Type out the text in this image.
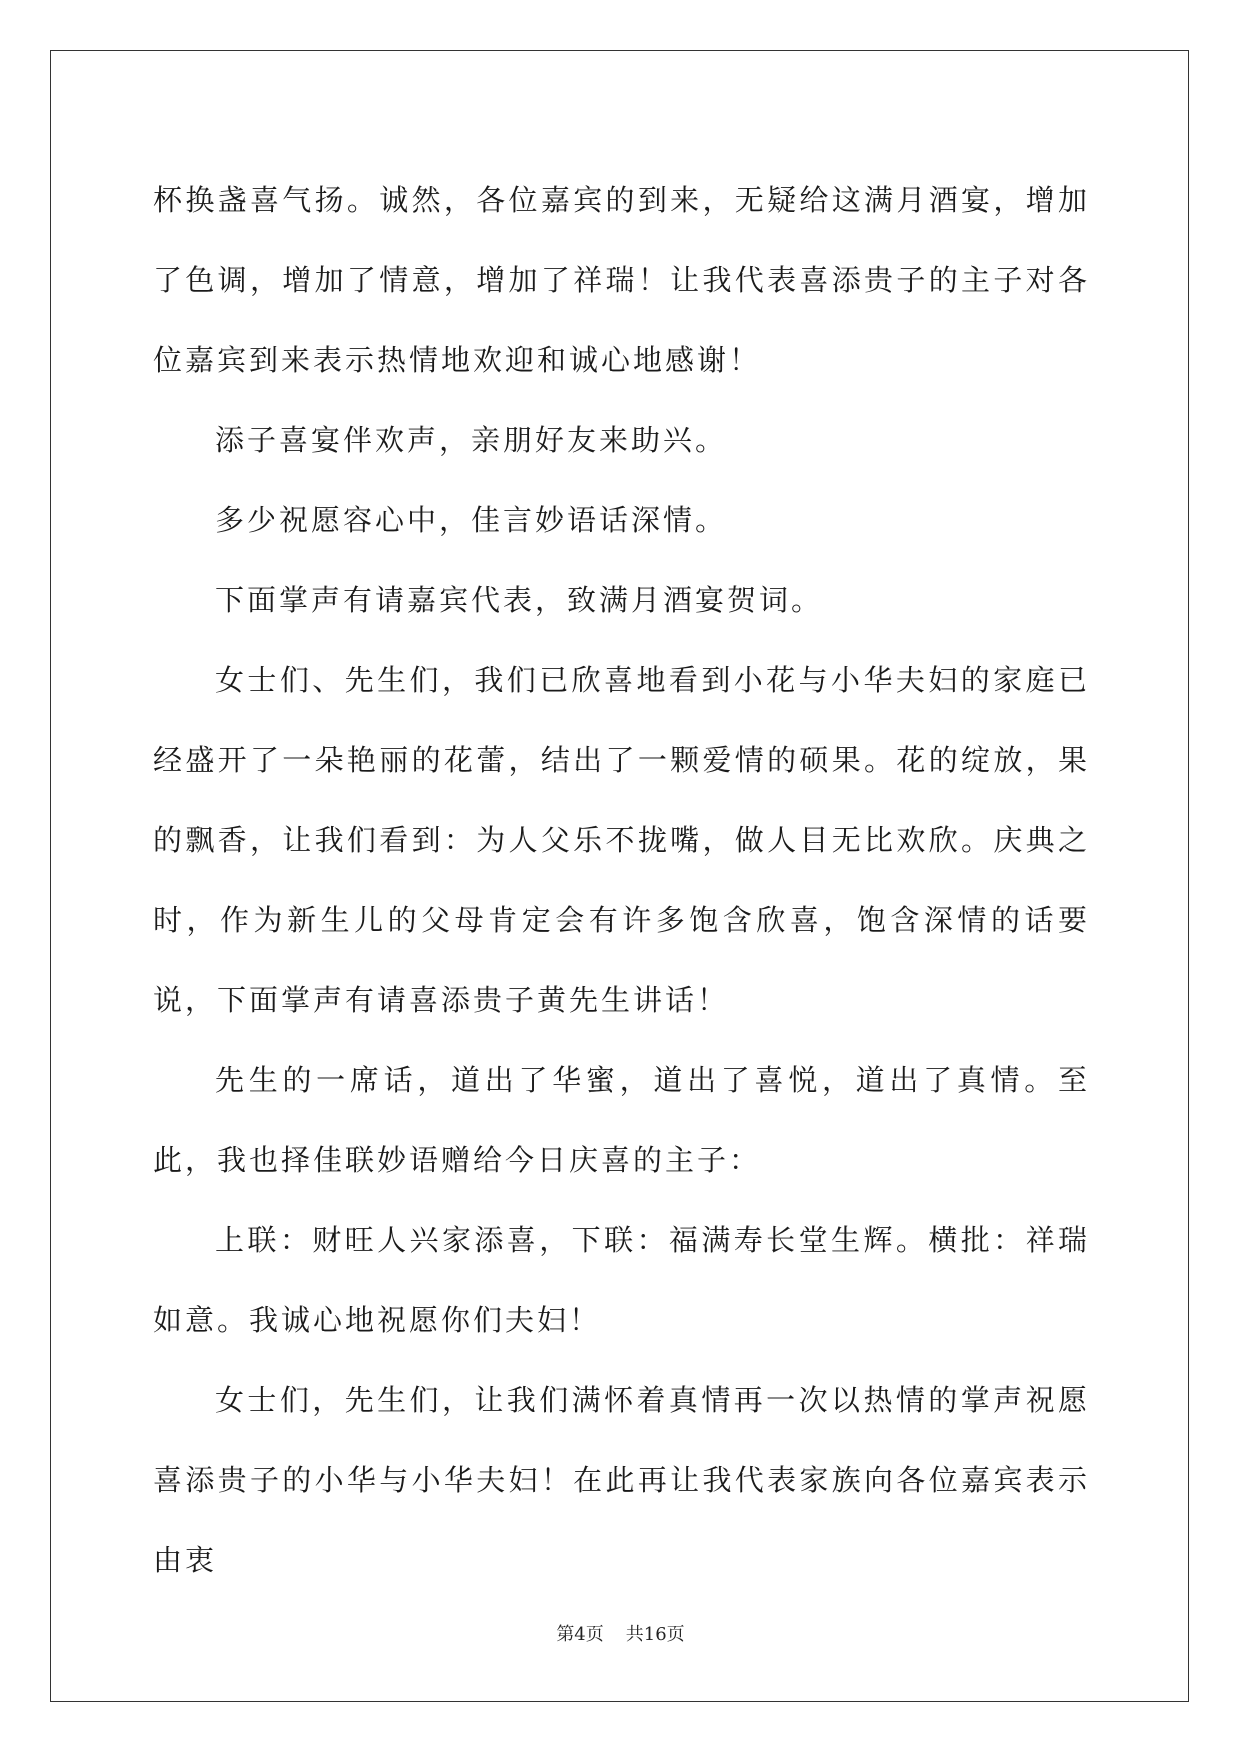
杯换盏喜气扬。诚然，各位嘉宾的到来，无疑给这满月酒宴，增加了色调，增加了情意，增加了祥瑞！让我代表喜添贵子的主子对各位嘉宾到来表示热情地欢迎和诚心地感谢！

添子喜宴伴欢声，亲朋好友来助兴。

多少祝愿容心中，佳言妙语话深情。

下面掌声有请嘉宾代表，致满月酒宴贺词。

女士们、先生们，我们已欣喜地看到小花与小华夫妇的家庭已经盛开了一朵艳丽的花蕾，结出了一颗爱情的硕果。花的绽放，果的飘香，让我们看到：为人父乐不拢嘴，做人目无比欢欣。庆典之时，作为新生儿的父母肯定会有许多饱含欣喜，饱含深情的话要说，下面掌声有请喜添贵子黄先生讲话！

先生的一席话，道出了华蜜，道出了喜悦，道出了真情。至此，我也择佳联妙语赠给今日庆喜的主子：

上联：财旺人兴家添喜，下联：福满寿长堂生辉。横批：祥瑞如意。我诚心地祝愿你们夫妇！

女士们，先生们，让我们满怀着真情再一次以热情的掌声祝愿喜添贵子的小华与小华夫妇！在此再让我代表家族向各位嘉宾表示由衷

第4页 共16页
